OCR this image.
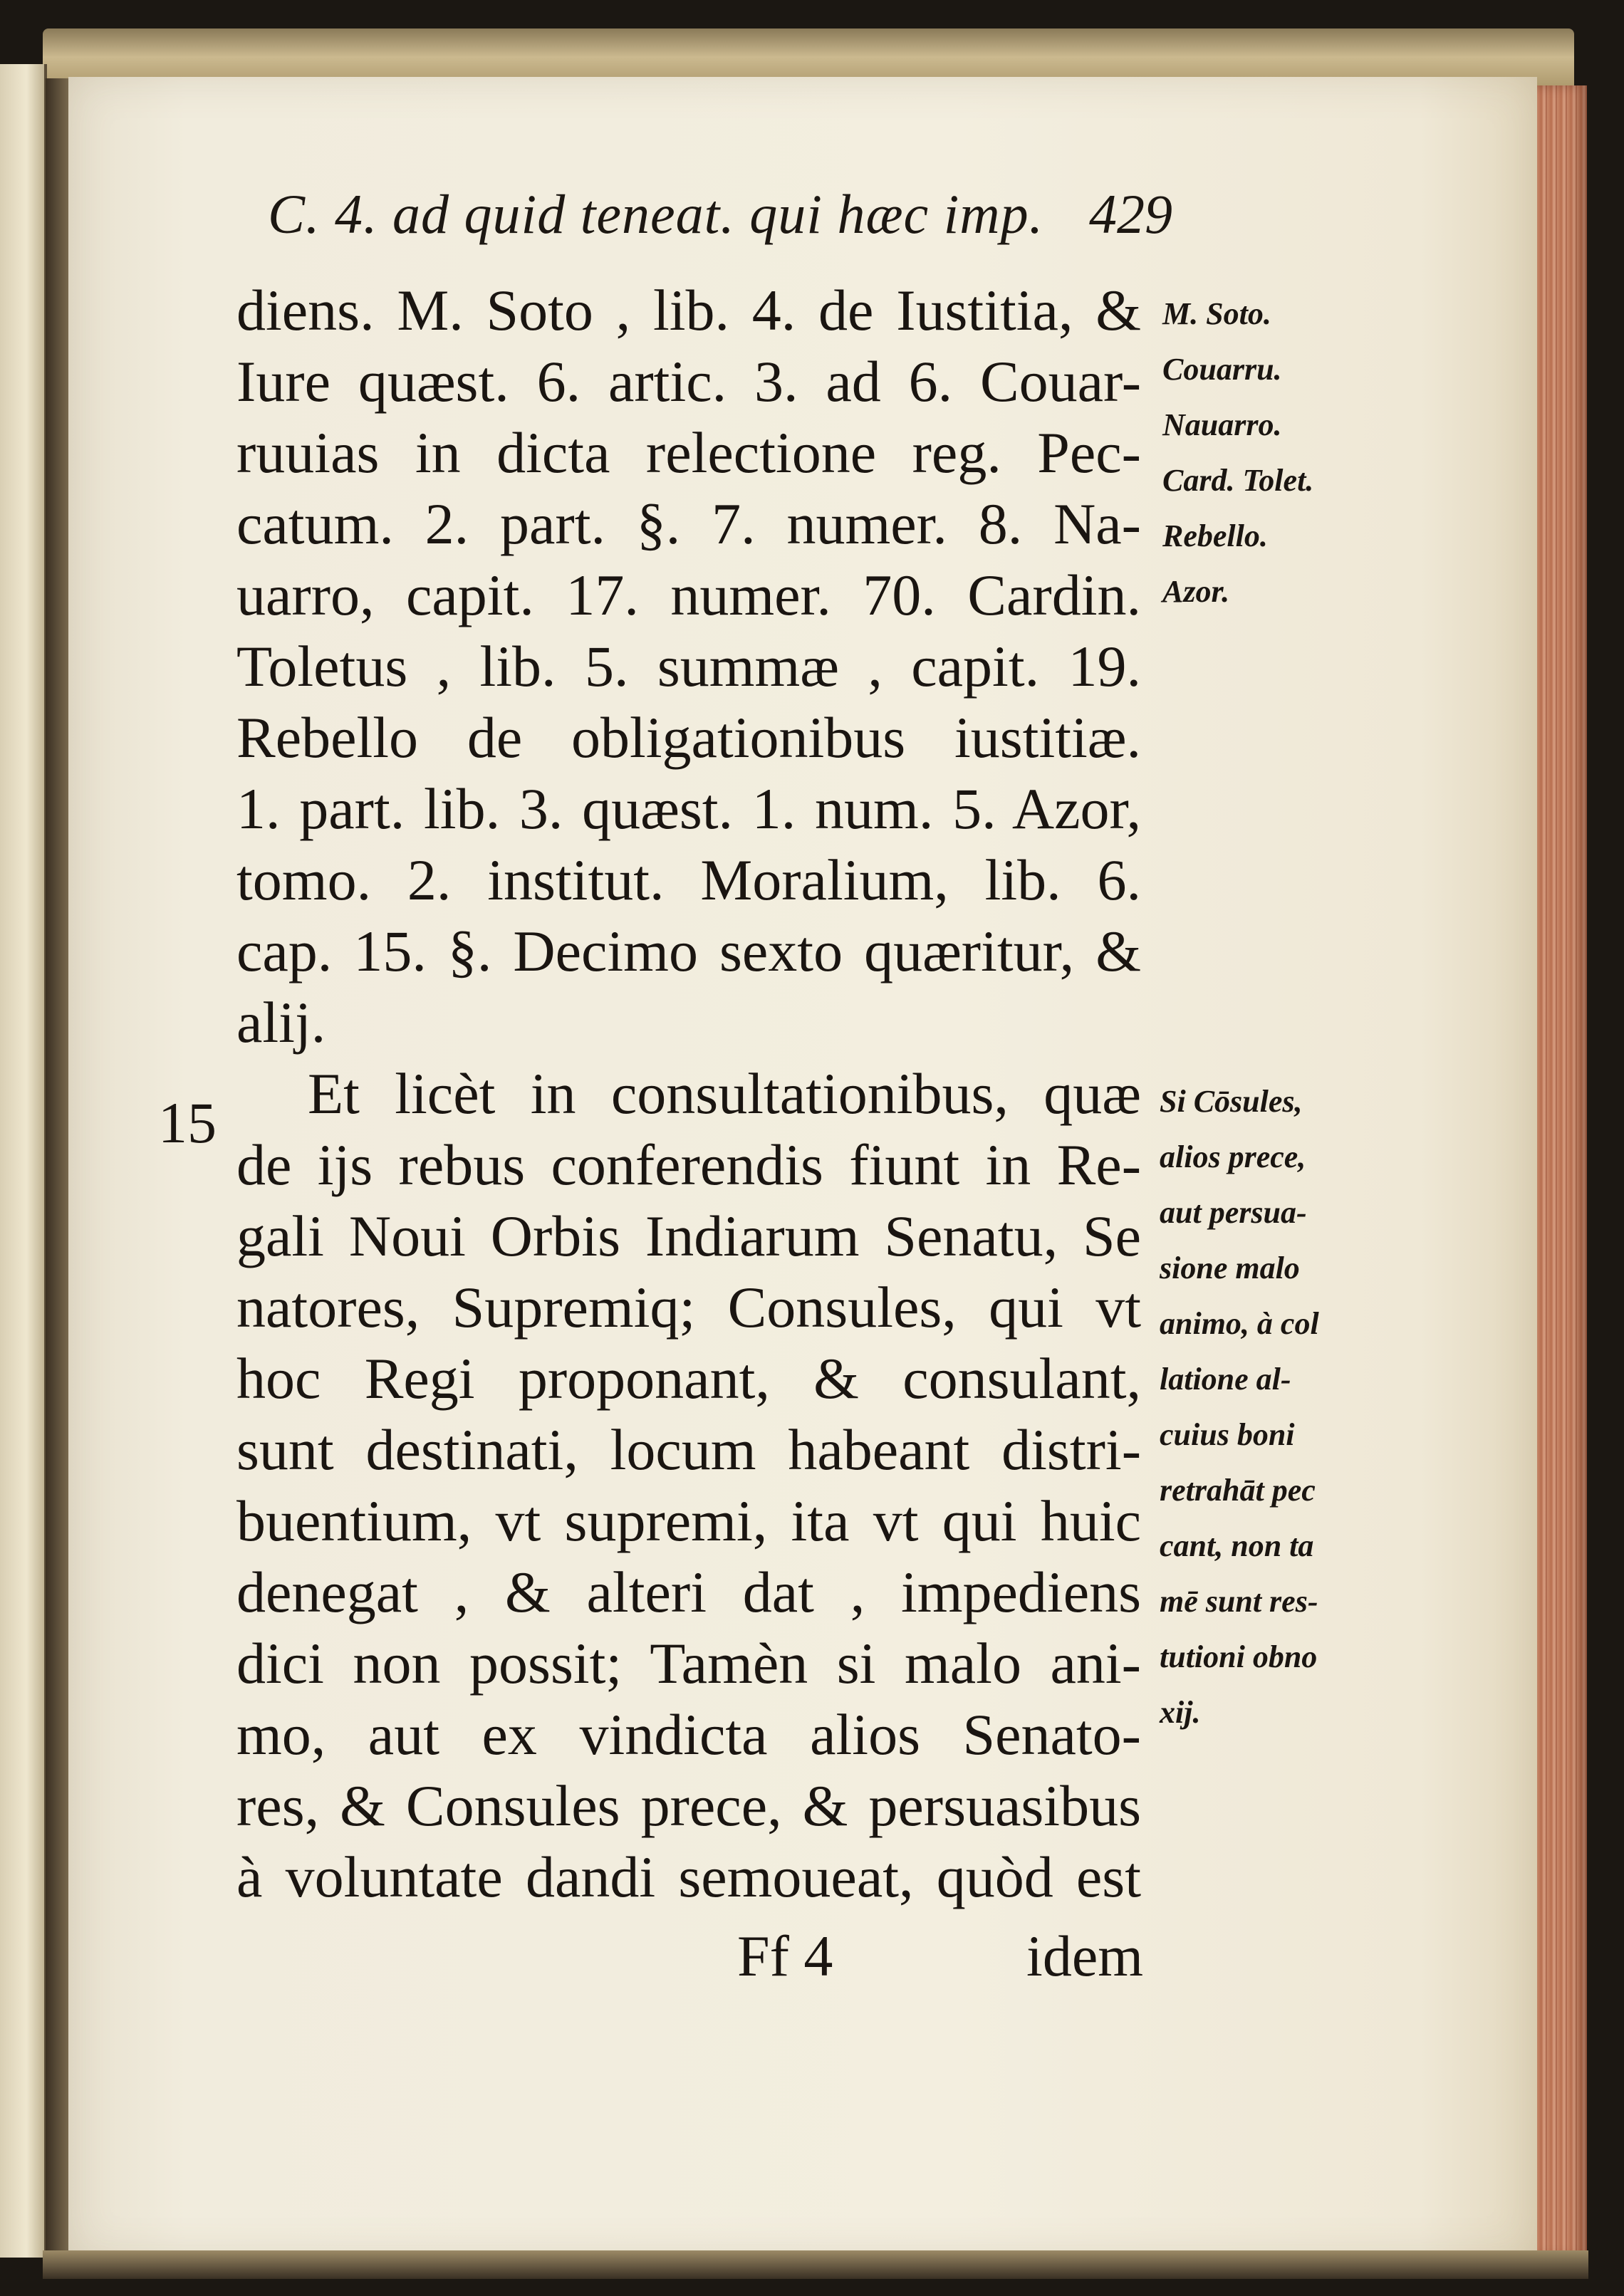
C. 4. ad quid teneat. qui hæc imp. 429
diens. M. Soto , lib. 4. de Iustitia, &
Iure quæst. 6. artic. 3. ad 6. Couar-
ruuias in dicta relectione reg. Pec-
catum. 2. part. §. 7. numer. 8. Na-
uarro, capit. 17. numer. 70. Cardin.
Toletus , lib. 5. summæ , capit. 19.
Rebello de obligationibus iustitiæ.
1. part. lib. 3. quæst. 1. num. 5. Azor,
tomo. 2. institut. Moralium, lib. 6.
cap. 15. §. Decimo sexto quæritur, &
alij.
Et licèt in consultationibus, quæ
de ijs rebus conferendis fiunt in Re-
gali Noui Orbis Indiarum Senatu, Se
natores, Supremiq; Consules, qui vt
hoc Regi proponant, & consulant,
sunt destinati, locum habeant distri-
buentium, vt supremi, ita vt qui huic
denegat , & alteri dat , impediens
dici non possit; Tamèn si malo ani-
mo, aut ex vindicta alios Senato-
res, & Consules prece, & persuasibus
à voluntate dandi semoueat, quòd est
15
M. Soto.
Couarru.
Nauarro.
Card. Tolet.
Rebello.
Azor.
Si Cōsules,
alios prece,
aut persua-
sione malo
animo, à col
latione al-
cuius boni
retrahāt pec
cant, non ta
mē sunt res-
tutioni obno
xij.
Ff 4	idem
